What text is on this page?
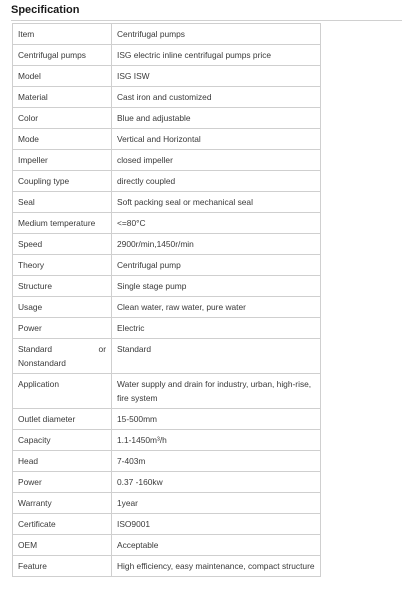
Specification
Item	Centrifugal pumps
Centrifugal pumps	ISG electric inline centrifugal pumps price
Model	ISG ISW
Material	Cast iron and customized
Color	Blue and adjustable
Mode	Vertical and Horizontal
Impeller	closed impeller
Coupling type	directly coupled
Seal	Soft packing seal or mechanical seal
Medium temperature	<=80°C
Speed	2900r/min,1450r/min
Theory	Centrifugal pump
Structure	Single stage pump
Usage	Clean water, raw water, pure water
Power	Electric
Standard or Nonstandard	Standard
Application	Water supply and drain for industry, urban, high-rise, fire system
Outlet diameter	15-500mm
Capacity	1.1-1450m³/h
Head	7-403m
Power	0.37 -160kw
Warranty	1year
Certificate	ISO9001
OEM	Acceptable
Feature	High efficiency, easy maintenance, compact structure
